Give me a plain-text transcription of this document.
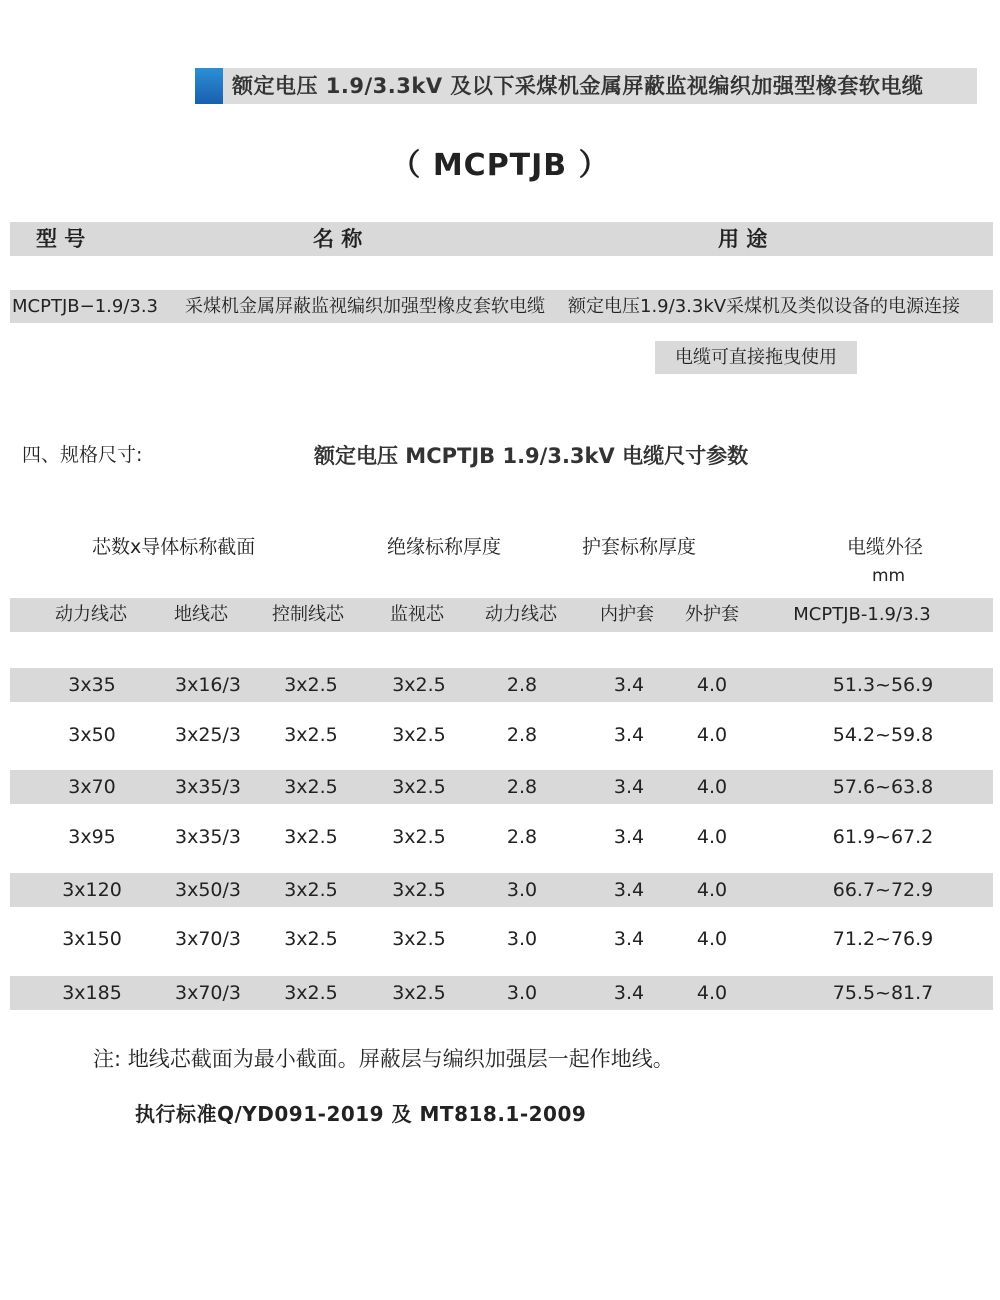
额定电压 1.9/3.3kV 及以下采煤机金属屏蔽监视编织加强型橡套软电缆
（ MCPTJB ）
型 号	名 称	用 途
MCPTJB−1.9/3.3 采煤机金属屏蔽监视编织加强型橡皮套软电缆 额定电压1.9/3.3kV采煤机及类似设备的电源连接
电缆可直接拖曳使用
四、规格尺寸:	额定电压 MCPTJB 1.9/3.3kV 电缆尺寸参数
芯数x导体标称截面	绝缘标称厚度	护套标称厚度	电缆外径
mm
动力线芯	地线芯	控制线芯	监视芯	动力线芯	内护套	外护套	MCPTJB-1.9/3.3
3x35	3x16/3	3x2.5	3x2.5	2.8	3.4	4.0	51.3~56.9
3x50	3x25/3	3x2.5	3x2.5	2.8	3.4	4.0	54.2~59.8
3x70	3x35/3	3x2.5	3x2.5	2.8	3.4	4.0	57.6~63.8
3x95	3x35/3	3x2.5	3x2.5	2.8	3.4	4.0	61.9~67.2
3x120	3x50/3	3x2.5	3x2.5	3.0	3.4	4.0	66.7~72.9
3x150	3x70/3	3x2.5	3x2.5	3.0	3.4	4.0	71.2~76.9
3x185	3x70/3	3x2.5	3x2.5	3.0	3.4	4.0	75.5~81.7
注: 地线芯截面为最小截面。屏蔽层与编织加强层一起作地线。
执行标准Q/YD091-2019 及 MT818.1-2009
